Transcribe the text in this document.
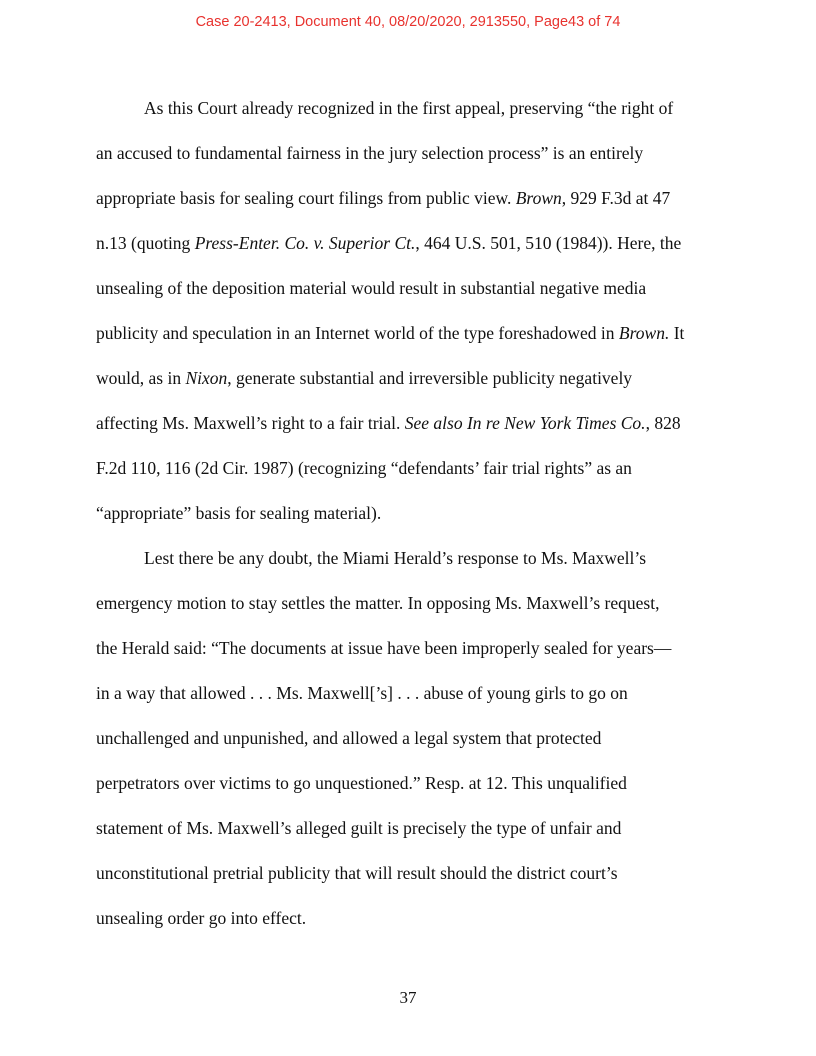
Case 20-2413, Document 40, 08/20/2020, 2913550, Page43 of 74
As this Court already recognized in the first appeal, preserving “the right of
an accused to fundamental fairness in the jury selection process” is an entirely
appropriate basis for sealing court filings from public view. Brown, 929 F.3d at 47
n.13 (quoting Press-Enter. Co. v. Superior Ct., 464 U.S. 501, 510 (1984)). Here, the
unsealing of the deposition material would result in substantial negative media
publicity and speculation in an Internet world of the type foreshadowed in Brown. It
would, as in Nixon, generate substantial and irreversible publicity negatively
affecting Ms. Maxwell’s right to a fair trial. See also In re New York Times Co., 828
F.2d 110, 116 (2d Cir. 1987) (recognizing “defendants’ fair trial rights” as an
“appropriate” basis for sealing material).
Lest there be any doubt, the Miami Herald’s response to Ms. Maxwell’s
emergency motion to stay settles the matter. In opposing Ms. Maxwell’s request,
the Herald said: “The documents at issue have been improperly sealed for years—
in a way that allowed . . . Ms. Maxwell[’s] . . . abuse of young girls to go on
unchallenged and unpunished, and allowed a legal system that protected
perpetrators over victims to go unquestioned.” Resp. at 12. This unqualified
statement of Ms. Maxwell’s alleged guilt is precisely the type of unfair and
unconstitutional pretrial publicity that will result should the district court’s
unsealing order go into effect.
37
